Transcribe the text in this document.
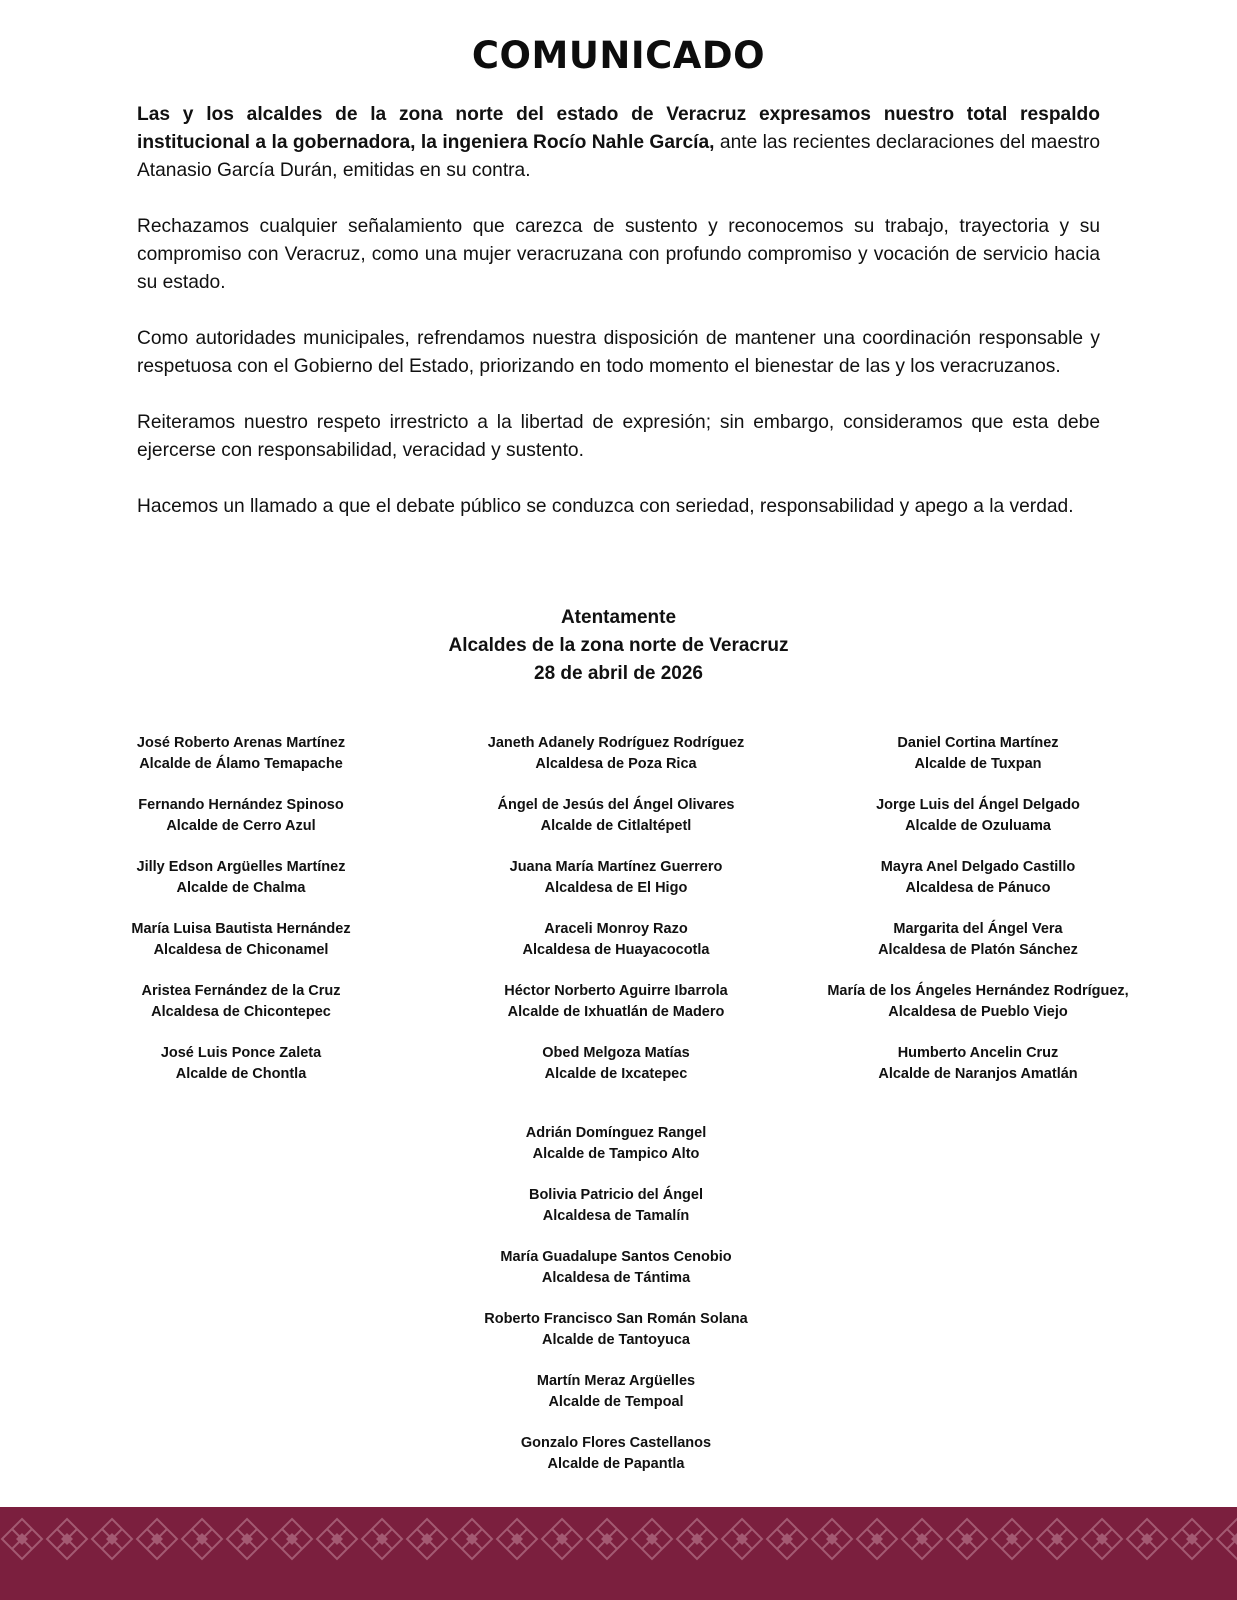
COMUNICADO

Las y los alcaldes de la zona norte del estado de Veracruz expresamos nuestro total respaldo institucional a la gobernadora, la ingeniera Rocío Nahle García, ante las recientes declaraciones del maestro Atanasio García Durán, emitidas en su contra.

Rechazamos cualquier señalamiento que carezca de sustento y reconocemos su trabajo, trayectoria y su compromiso con Veracruz, como una mujer veracruzana con profundo compromiso y vocación de servicio hacia su estado.

Como autoridades municipales, refrendamos nuestra disposición de mantener una coordinación responsable y respetuosa con el Gobierno del Estado, priorizando en todo momento el bienestar de las y los veracruzanos.

Reiteramos nuestro respeto irrestricto a la libertad de expresión; sin embargo, consideramos que esta debe ejercerse con responsabilidad, veracidad y sustento.

Hacemos un llamado a que el debate público se conduzca con seriedad, responsabilidad y apego a la verdad.

Atentamente
Alcaldes de la zona norte de Veracruz
28 de abril de 2026
José Roberto Arenas Martínez
Alcalde de Álamo Temapache
Fernando Hernández Spinoso
Alcalde de Cerro Azul
Jilly Edson Argüelles Martínez
Alcalde de Chalma
María Luisa Bautista Hernández
Alcaldesa de Chiconamel
Aristea Fernández de la Cruz
Alcaldesa de Chicontepec
José Luis Ponce Zaleta
Alcalde de Chontla
Janeth Adanely Rodríguez Rodríguez
Alcaldesa de Poza Rica
Ángel de Jesús del Ángel Olivares
Alcalde de Citlaltépetl
Juana María Martínez Guerrero
Alcaldesa de El Higo
Araceli Monroy Razo
Alcaldesa de Huayacocotla
Héctor Norberto Aguirre Ibarrola
Alcalde de Ixhuatlán de Madero
Obed Melgoza Matías
Alcalde de Ixcatepec
Daniel Cortina Martínez
Alcalde de Tuxpan
Jorge Luis del Ángel Delgado
Alcalde de Ozuluama
Mayra Anel Delgado Castillo
Alcaldesa de Pánuco
Margarita del Ángel Vera
Alcaldesa de Platón Sánchez
María de los Ángeles Hernández Rodríguez,
Alcaldesa de Pueblo Viejo
Humberto Ancelin Cruz
Alcalde de Naranjos Amatlán
Adrián Domínguez Rangel
Alcalde de Tampico Alto
Bolivia Patricio del Ángel
Alcaldesa de Tamalín
María Guadalupe Santos Cenobio
Alcaldesa de Tántima
Roberto Francisco San Román Solana
Alcalde de Tantoyuca
Martín Meraz Argüelles
Alcalde de Tempoal
Gonzalo Flores Castellanos
Alcalde de Papantla
